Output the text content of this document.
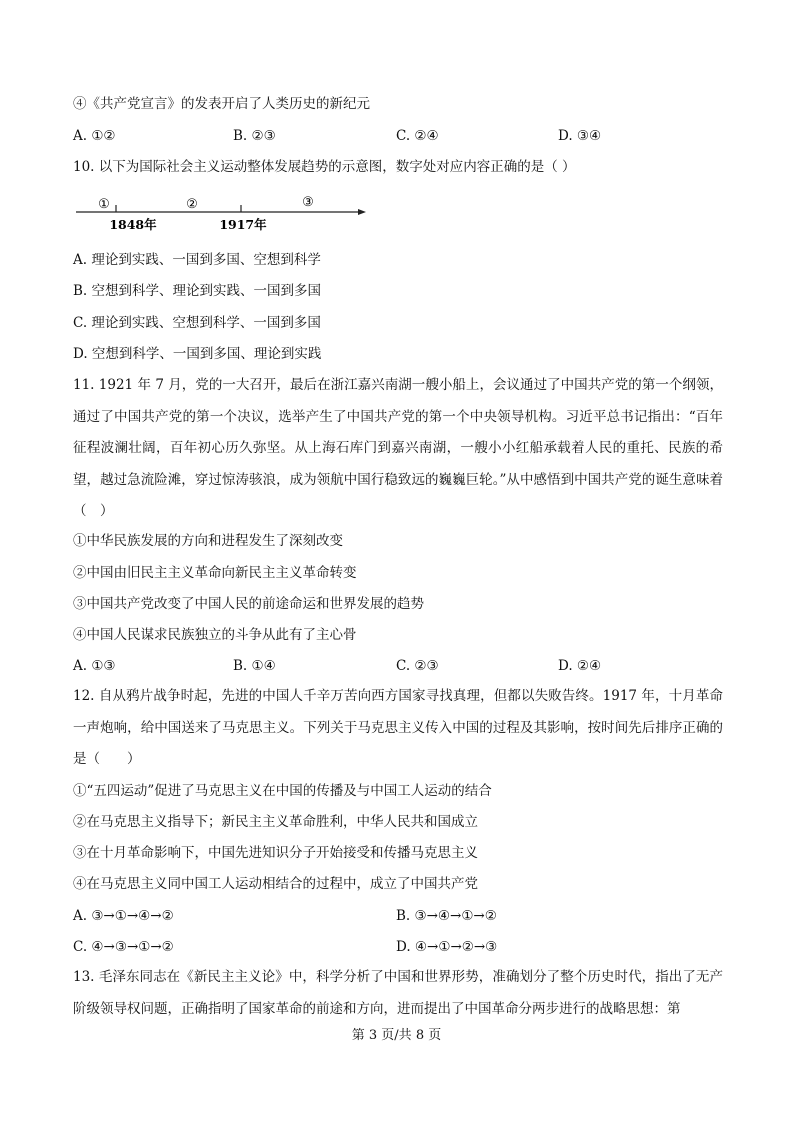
④《共产党宣言》的发表开启了人类历史的新纪元
A. ①②	B. ②③	C. ②④	D. ③④
10. 以下为国际社会主义运动整体发展趋势的示意图，数字处对应内容正确的是（ ）
①	②	③
1848年	1917年
A. 理论到实践、一国到多国、空想到科学
B. 空想到科学、理论到实践、一国到多国
C. 理论到实践、空想到科学、一国到多国
D. 空想到科学、一国到多国、理论到实践
11. 1921 年 7 月，党的一大召开，最后在浙江嘉兴南湖一艘小船上，会议通过了中国共产党的第一个纲领，通过了中国共产党的第一个决议，选举产生了中国共产党的第一个中央领导机构。习近平总书记指出：“百年征程波澜壮阔，百年初心历久弥坚。从上海石库门到嘉兴南湖，一艘小小红船承载着人民的重托、民族的希望，越过急流险滩，穿过惊涛骇浪，成为领航中国行稳致远的巍巍巨轮。”从中感悟到中国共产党的诞生意味着（　）
①中华民族发展的方向和进程发生了深刻改变
②中国由旧民主主义革命向新民主主义革命转变
③中国共产党改变了中国人民的前途命运和世界发展的趋势
④中国人民谋求民族独立的斗争从此有了主心骨
A. ①③	B. ①④	C. ②③	D. ②④
12. 自从鸦片战争时起，先进的中国人千辛万苦向西方国家寻找真理，但都以失败告终。1917 年，十月革命一声炮响，给中国送来了马克思主义。下列关于马克思主义传入中国的过程及其影响，按时间先后排序正确的是（　　）
①“五四运动”促进了马克思主义在中国的传播及与中国工人运动的结合
②在马克思主义指导下；新民主主义革命胜利，中华人民共和国成立
③在十月革命影响下，中国先进知识分子开始接受和传播马克思主义
④在马克思主义同中国工人运动相结合的过程中，成立了中国共产党
A. ③→①→④→②	B. ③→④→①→②
C. ④→③→①→②	D. ④→①→②→③
13. 毛泽东同志在《新民主主义论》中，科学分析了中国和世界形势，准确划分了整个历史时代，指出了无产阶级领导权问题，正确指明了国家革命的前途和方向，进而提出了中国革命分两步进行的战略思想：第
第 3 页/共 8 页
